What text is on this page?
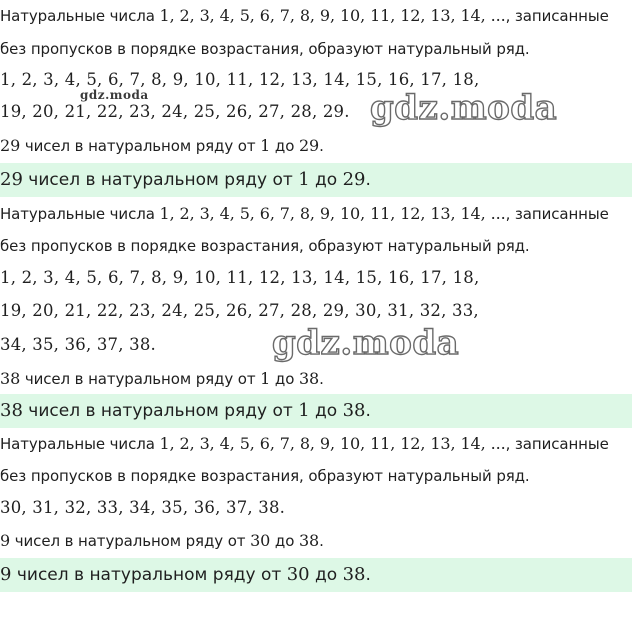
Натуральные числа 1, 2, 3, 4, 5, 6, 7, 8, 9, 10, 11, 12, 13, 14, ..., записанные
без пропусков в порядке возрастания, образуют натуральный ряд.
1, 2, 3, 4, 5, 6, 7, 8, 9, 10, 11, 12, 13, 14, 15, 16, 17, 18,
gdz.moda
19, 20, 21, 22, 23, 24, 25, 26, 27, 28, 29. gdz.moda
29 чисел в натуральном ряду от 1 до 29.
29 чисел в натуральном ряду от 1 до 29.
Натуральные числа 1, 2, 3, 4, 5, 6, 7, 8, 9, 10, 11, 12, 13, 14, ..., записанные
без пропусков в порядке возрастания, образуют натуральный ряд.
1, 2, 3, 4, 5, 6, 7, 8, 9, 10, 11, 12, 13, 14, 15, 16, 17, 18,
19, 20, 21, 22, 23, 24, 25, 26, 27, 28, 29, 30, 31, 32, 33,
34, 35, 36, 37, 38.	gdz.moda
38 чисел в натуральном ряду от 1 до 38.
38 чисел в натуральном ряду от 1 до 38.
Натуральные числа 1, 2, 3, 4, 5, 6, 7, 8, 9, 10, 11, 12, 13, 14, ..., записанные
без пропусков в порядке возрастания, образуют натуральный ряд.
30, 31, 32, 33, 34, 35, 36, 37, 38.
9 чисел в натуральном ряду от 30 до 38.
9 чисел в натуральном ряду от 30 до 38.
